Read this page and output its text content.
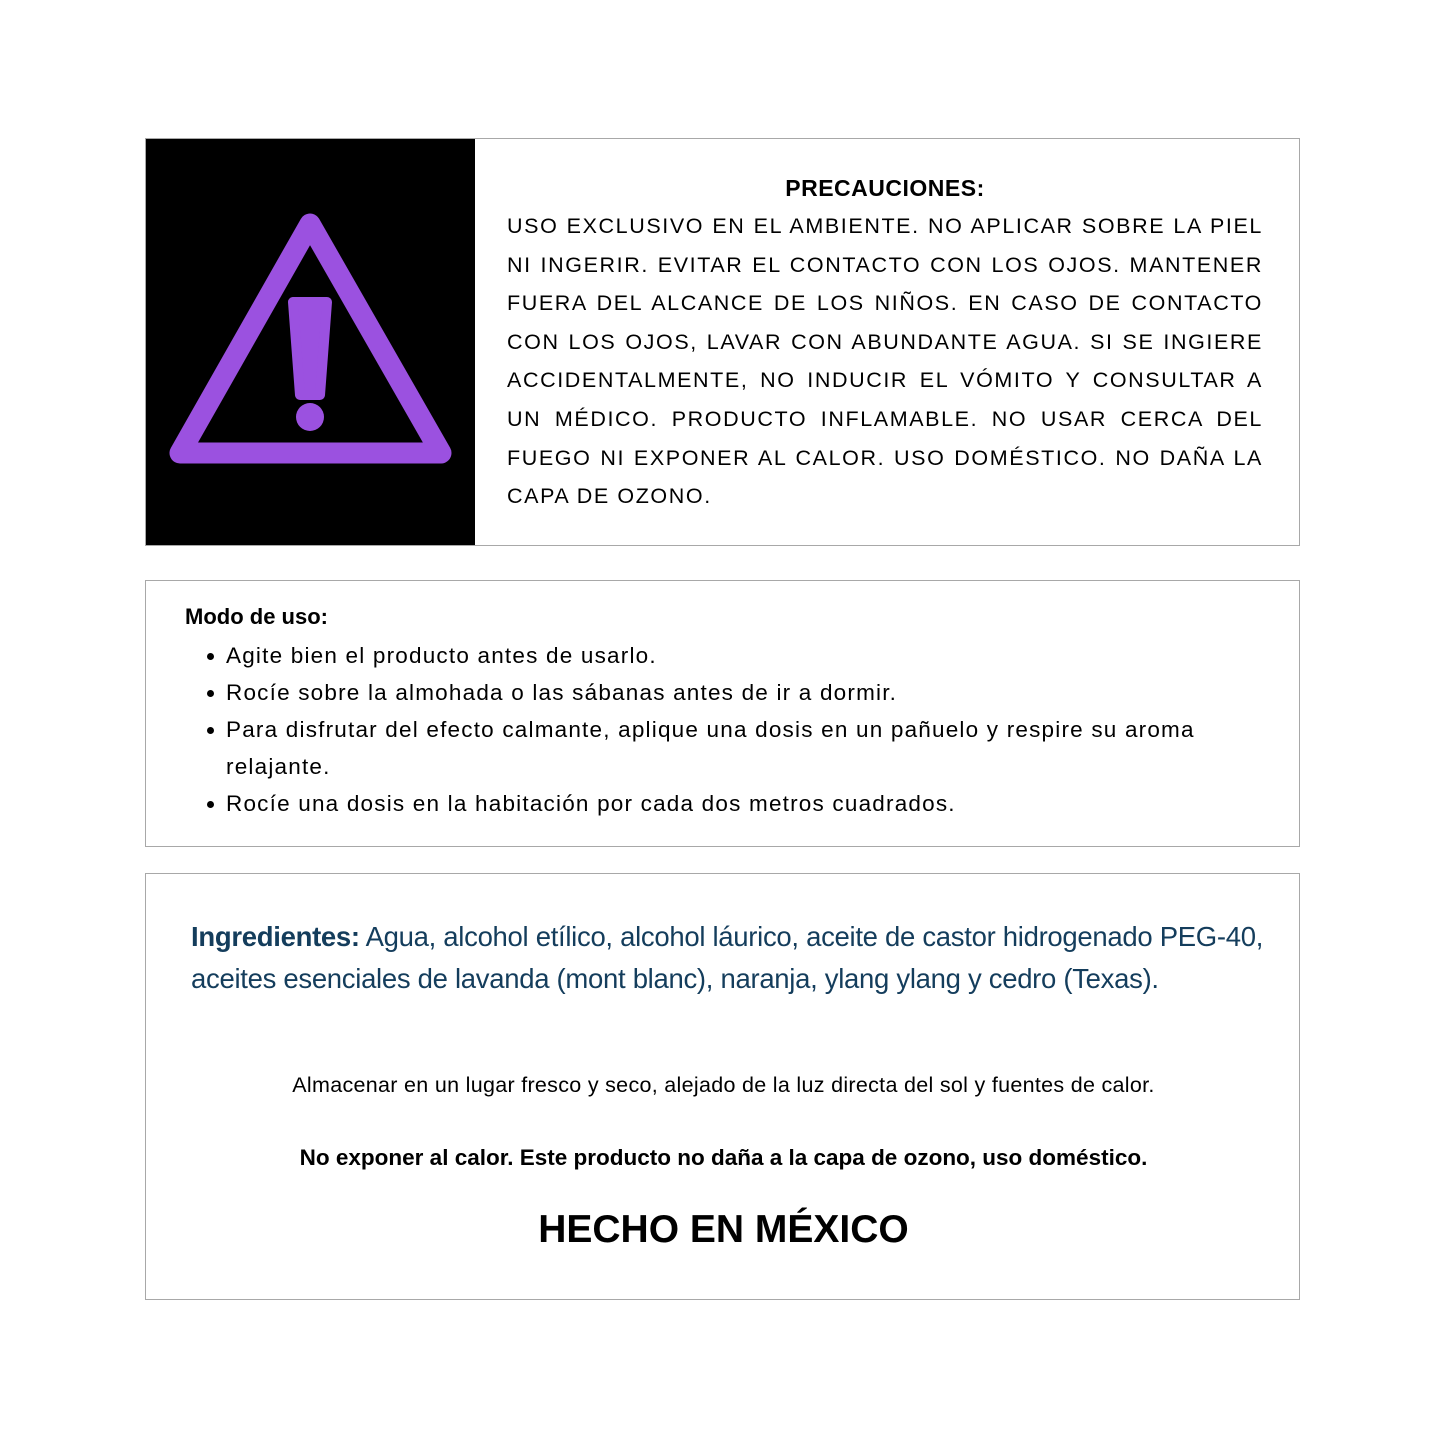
PRECAUCIONES:

USO EXCLUSIVO EN EL AMBIENTE. NO APLICAR SOBRE LA PIEL NI INGERIR. EVITAR EL CONTACTO CON LOS OJOS. MANTENER FUERA DEL ALCANCE DE LOS NIÑOS. EN CASO DE CONTACTO CON LOS OJOS, LAVAR CON ABUNDANTE AGUA. SI SE INGIERE ACCIDENTALMENTE, NO INDUCIR EL VÓMITO Y CONSULTAR A UN MÉDICO. PRODUCTO INFLAMABLE. NO USAR CERCA DEL FUEGO NI EXPONER AL CALOR. USO DOMÉSTICO. NO DAÑA LA CAPA DE OZONO.

Modo de uso:

Agite bien el producto antes de usarlo.
Rocíe sobre la almohada o las sábanas antes de ir a dormir.
Para disfrutar del efecto calmante, aplique una dosis en un pañuelo y respire su aroma relajante.
Rocíe una dosis en la habitación por cada dos metros cuadrados.

Ingredientes: Agua, alcohol etílico, alcohol láurico, aceite de castor hidrogenado PEG-40, aceites esenciales de lavanda (mont blanc), naranja, ylang ylang y cedro (Texas).

Almacenar en un lugar fresco y seco, alejado de la luz directa del sol y fuentes de calor.

No exponer al calor. Este producto no daña a la capa de ozono, uso doméstico.

HECHO EN MÉXICO
